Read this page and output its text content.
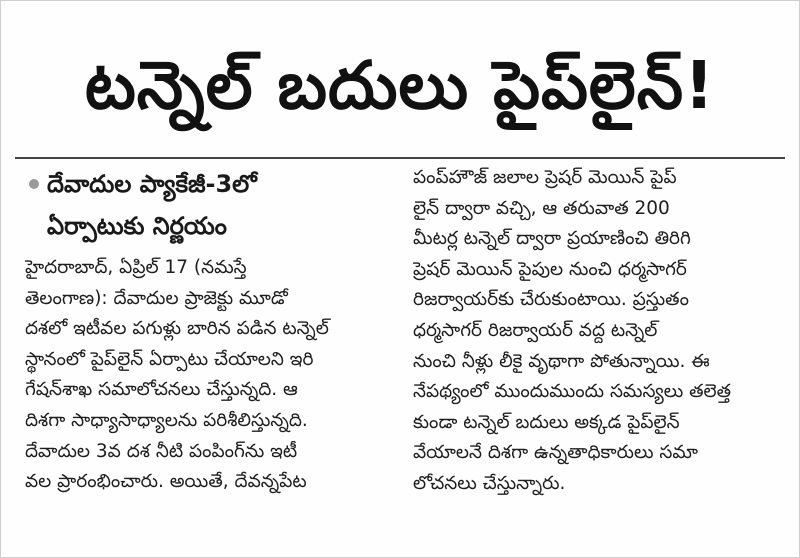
టన్నెల్ బదులు పైప్‌లైన్!
దేవాదుల ప్యాకేజీ-3లో
ఏర్పాటుకు నిర్ణయం
హైదరాబాద్, ఏప్రిల్ 17 (నమస్తే
తెలంగాణ): దేవాదుల ప్రాజెక్టు మూడో
దశలో ఇటీవల పగుళ్లు బారిన పడిన టన్నెల్
స్థానంలో పైప్‌లైన్ ఏర్పాటు చేయాలని ఇరి
గేషన్‌శాఖ సమాలోచనలు చేస్తున్నది. ఆ
దిశగా సాధ్యాసాధ్యాలను పరిశీలిస్తున్నది.
దేవాదుల 3వ దశ నీటి పంపింగ్‌ను ఇటీ
వల ప్రారంభించారు. అయితే, దేవన్నపేట
పంప్‌హౌజ్ జలాల ప్రెషర్ మెయిన్ పైప్
లైన్ ద్వారా వచ్చి, ఆ తరువాత 200
మీటర్ల టన్నెల్ ద్వారా ప్రయాణించి తిరిగి
ప్రెషర్ మెయిన్ పైపుల నుంచి ధర్మసాగర్
రిజర్వాయర్‌కు చేరుకుంటాయి. ప్రస్తుతం
ధర్మసాగర్ రిజర్వాయర్ వద్ద టన్నెల్
నుంచి నీళ్లు లీకై వృథాగా పోతున్నాయి. ఈ
నేపథ్యంలో ముందుముందు సమస్యలు తలెత్త
కుండా టన్నెల్ బదులు అక్కడ పైప్‌లైన్
వేయాలనే దిశగా ఉన్నతాధికారులు సమా
లోచనలు చేస్తున్నారు.
